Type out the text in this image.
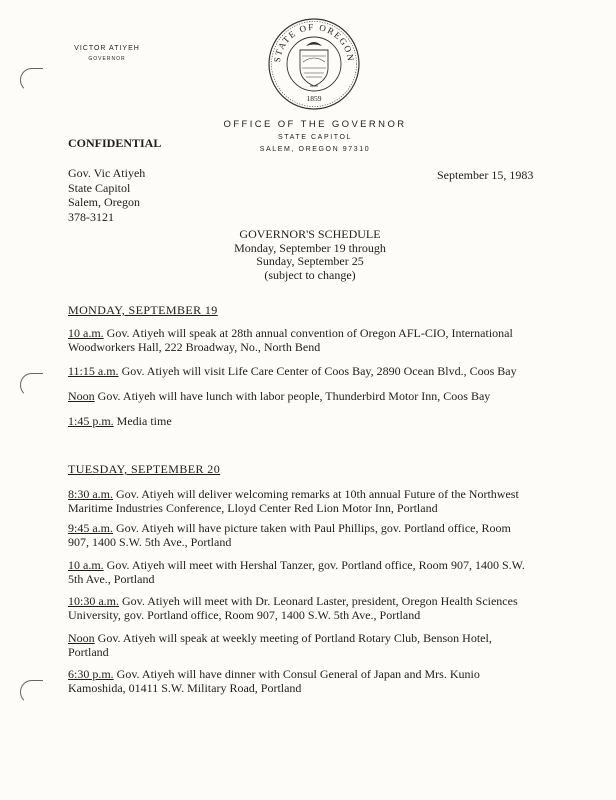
VICTOR ATIYEH
GOVERNOR	STATE OF OREGON
1859
OFFICE OF THE GOVERNOR
STATE CAPITOL
SALEM, OREGON 97310
CONFIDENTIAL
Gov. Vic Atiyeh
State Capitol
Salem, Oregon
378-3121
September 15, 1983
GOVERNOR'S SCHEDULE
Monday, September 19 through
Sunday, September 25
(subject to change)
MONDAY, SEPTEMBER 19
10 a.m. Gov. Atiyeh will speak at 28th annual convention of Oregon AFL-CIO, International
Woodworkers Hall, 222 Broadway, No., North Bend
11:15 a.m. Gov. Atiyeh will visit Life Care Center of Coos Bay, 2890 Ocean Blvd., Coos Bay
Noon Gov. Atiyeh will have lunch with labor people, Thunderbird Motor Inn, Coos Bay
1:45 p.m. Media time
TUESDAY, SEPTEMBER 20
8:30 a.m. Gov. Atiyeh will deliver welcoming remarks at 10th annual Future of the Northwest
Maritime Industries Conference, Lloyd Center Red Lion Motor Inn, Portland
9:45 a.m. Gov. Atiyeh will have picture taken with Paul Phillips, gov. Portland office, Room
907, 1400 S.W. 5th Ave., Portland
10 a.m. Gov. Atiyeh will meet with Hershal Tanzer, gov. Portland office, Room 907, 1400 S.W.
5th Ave., Portland
10:30 a.m. Gov. Atiyeh will meet with Dr. Leonard Laster, president, Oregon Health Sciences
University, gov. Portland office, Room 907, 1400 S.W. 5th Ave., Portland
Noon Gov. Atiyeh will speak at weekly meeting of Portland Rotary Club, Benson Hotel,
Portland
6:30 p.m. Gov. Atiyeh will have dinner with Consul General of Japan and Mrs. Kunio
Kamoshida, 01411 S.W. Military Road, Portland
